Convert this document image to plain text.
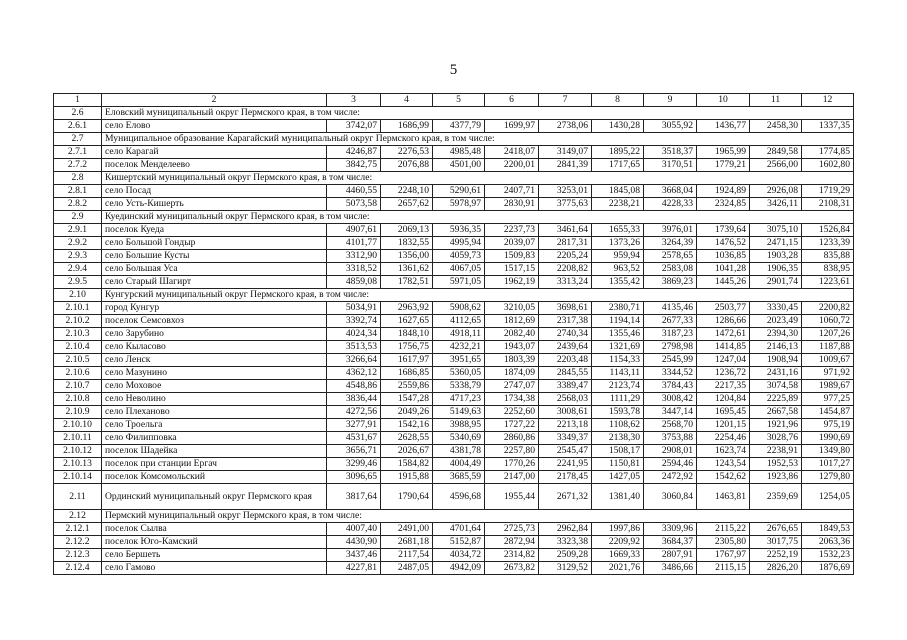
5
1	2	3	4	5	6	7	8	9	10	11	12
2.6	Еловский муниципальный округ Пермского края, в том числе:										
2.6.1	село Елово	3742,07	1686,99	4377,79	1699,97	2738,06	1430,28	3055,92	1436,77	2458,30	1337,35
2.7	Муниципальное образование Карагайский муниципальный округ Пермского края, в том числе:										
2.7.1	село Карагай	4246,87	2276,53	4985,48	2418,07	3149,07	1895,22	3518,37	1965,99	2849,58	1774,85
2.7.2	поселок Менделеево	3842,75	2076,88	4501,00	2200,01	2841,39	1717,65	3170,51	1779,21	2566,00	1602,80
2.8	Кишертский муниципальный округ Пермского края, в том числе:										
2.8.1	село Посад	4460,55	2248,10	5290,61	2407,71	3253,01	1845,08	3668,04	1924,89	2926,08	1719,29
2.8.2	село Усть-Кишерть	5073,58	2657,62	5978,97	2830,91	3775,63	2238,21	4228,33	2324,85	3426,11	2108,31
2.9	Куединский муниципальный округ Пермского края, в том числе:										
2.9.1	поселок Куеда	4907,61	2069,13	5936,35	2237,73	3461,64	1655,33	3976,01	1739,64	3075,10	1526,84
2.9.2	село Большой Гондыр	4101,77	1832,55	4995,94	2039,07	2817,31	1373,26	3264,39	1476,52	2471,15	1233,39
2.9.3	село Большие Кусты	3312,90	1356,00	4059,73	1509,83	2205,24	959,94	2578,65	1036,85	1903,28	835,88
2.9.4	село Большая Уса	3318,52	1361,62	4067,05	1517,15	2208,82	963,52	2583,08	1041,28	1906,35	838,95
2.9.5	село Старый Шагирт	4859,08	1782,51	5971,05	1962,19	3313,24	1355,42	3869,23	1445,26	2901,74	1223,61
2.10	Кунгурский муниципальный округ Пермского края, в том числе:										
2.10.1	город Кунгур	5034,91	2963,92	5908,62	3210,05	3698,61	2380,71	4135,46	2503,77	3330,45	2200,82
2.10.2	поселок Семсовхоз	3392,74	1627,65	4112,65	1812,69	2317,38	1194,14	2677,33	1286,66	2023,49	1060,72
2.10.3	село Зарубино	4024,34	1848,10	4918,11	2082,40	2740,34	1355,46	3187,23	1472,61	2394,30	1207,26
2.10.4	село Кыласово	3513,53	1756,75	4232,21	1943,07	2439,64	1321,69	2798,98	1414,85	2146,13	1187,88
2.10.5	село Ленск	3266,64	1617,97	3951,65	1803,39	2203,48	1154,33	2545,99	1247,04	1908,94	1009,67
2.10.6	село Мазунино	4362,12	1686,85	5360,05	1874,09	2845,55	1143,11	3344,52	1236,72	2431,16	971,92
2.10.7	село Моховое	4548,86	2559,86	5338,79	2747,07	3389,47	2123,74	3784,43	2217,35	3074,58	1989,67
2.10.8	село Неволино	3836,44	1547,28	4717,23	1734,38	2568,03	1111,29	3008,42	1204,84	2225,89	977,25
2.10.9	село Плехановo	4272,56	2049,26	5149,63	2252,60	3008,61	1593,78	3447,14	1695,45	2667,58	1454,87
2.10.10	село Троельга	3277,91	1542,16	3988,95	1727,22	2213,18	1108,62	2568,70	1201,15	1921,96	975,19
2.10.11	село Филипповка	4531,67	2628,55	5340,69	2860,86	3349,37	2138,30	3753,88	2254,46	3028,76	1990,69
2.10.12	поселок Шадейка	3656,71	2026,67	4381,78	2257,80	2545,47	1508,17	2908,01	1623,74	2238,91	1349,80
2.10.13	поселок при станции Ергач	3299,46	1584,82	4004,49	1770,26	2241,95	1150,81	2594,46	1243,54	1952,53	1017,27
2.10.14	поселок Комсомольский	3096,65	1915,88	3685,59	2147,00	2178,45	1427,05	2472,92	1542,62	1923,86	1279,80
2.11	Ординский муниципальный округ Пермского края	3817,64	1790,64	4596,68	1955,44	2671,32	1381,40	3060,84	1463,81	2359,69	1254,05
2.12	Пермский муниципальный округ Пермского края, в том числе:										
2.12.1	поселок Сылва	4007,40	2491,00	4701,64	2725,73	2962,84	1997,86	3309,96	2115,22	2676,65	1849,53
2.12.2	поселок Юго-Камский	4430,90	2681,18	5152,87	2872,94	3323,38	2209,92	3684,37	2305,80	3017,75	2063,36
2.12.3	село Бершеть	3437,46	2117,54	4034,72	2314,82	2509,28	1669,33	2807,91	1767,97	2252,19	1532,23
2.12.4	село Гамово	4227,81	2487,05	4942,09	2673,82	3129,52	2021,76	3486,66	2115,15	2826,20	1876,69
